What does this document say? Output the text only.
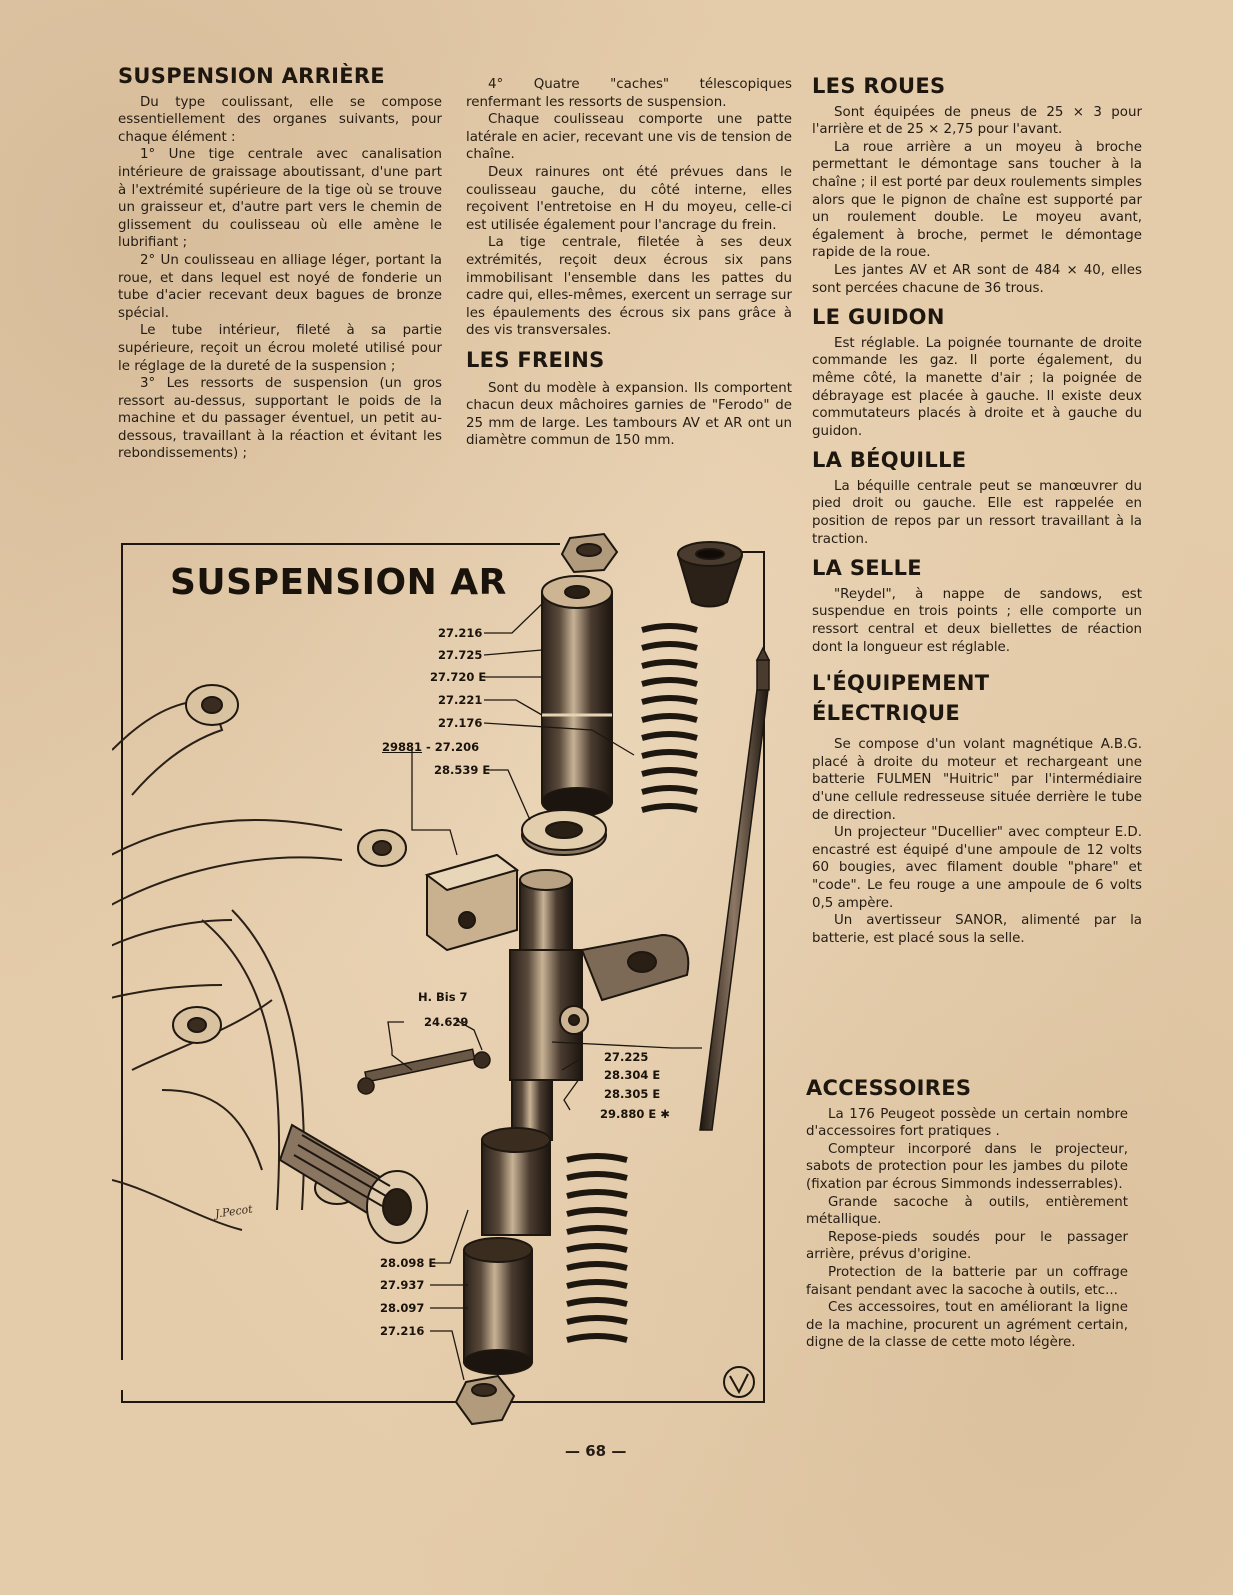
SUSPENSION ARRIÈRE

Du type coulissant, elle se compose essentiellement des organes suivants, pour chaque élément :

1° Une tige centrale avec canalisation intérieure de graissage aboutissant, d'une part à l'extrémité supérieure de la tige où se trouve un graisseur et, d'autre part vers le chemin de glissement du coulisseau où elle amène le lubrifiant ;

2° Un coulisseau en alliage léger, portant la roue, et dans lequel est noyé de fonderie un tube d'acier recevant deux bagues de bronze spécial.

Le tube intérieur, fileté à sa partie supérieure, reçoit un écrou moleté utilisé pour le réglage de la dureté de la suspension ;

3° Les ressorts de suspension (un gros ressort au-dessus, supportant le poids de la machine et du passager éventuel, un petit au-dessous, travaillant à la réaction et évitant les rebondissements) ;

4° Quatre "caches" télescopiques renfermant les ressorts de suspension.

Chaque coulisseau comporte une patte latérale en acier, recevant une vis de tension de chaîne.

Deux rainures ont été prévues dans le coulisseau gauche, du côté interne, elles reçoivent l'entretoise en H du moyeu, celle-ci est utilisée également pour l'ancrage du frein.

La tige centrale, filetée à ses deux extrémités, reçoit deux écrous six pans immobilisant l'ensemble dans les pattes du cadre qui, elles-mêmes, exercent un serrage sur les épaulements des écrous six pans grâce à des vis transversales.

LES FREINS

Sont du modèle à expansion. Ils comportent chacun deux mâchoires garnies de "Ferodo" de 25 mm de large. Les tambours AV et AR ont un diamètre commun de 150 mm.

LES ROUES

Sont équipées de pneus de 25 × 3 pour l'arrière et de 25 × 2,75 pour l'avant.

La roue arrière a un moyeu à broche permettant le démontage sans toucher à la chaîne ; il est porté par deux roulements simples alors que le pignon de chaîne est supporté par un roulement double. Le moyeu avant, également à broche, permet le démontage rapide de la roue.

Les jantes AV et AR sont de 484 × 40, elles sont percées chacune de 36 trous.

LE GUIDON

Est réglable. La poignée tournante de droite commande les gaz. Il porte également, du même côté, la manette d'air ; la poignée de débrayage est placée à gauche. Il existe deux commutateurs placés à droite et à gauche du guidon.

LA BÉQUILLE

La béquille centrale peut se manœuvrer du pied droit ou gauche. Elle est rappelée en position de repos par un ressort travaillant à la traction.

LA SELLE

"Reydel", à nappe de sandows, est suspendue en trois points ; elle comporte un ressort central et deux biellettes de réaction dont la longueur est réglable.

L'ÉQUIPEMENT
ÉLECTRIQUE

Se compose d'un volant magnétique A.B.G. placé à droite du moteur et rechargeant une batterie FULMEN "Huitric" par l'intermédiaire d'une cellule redresseuse située derrière le tube de direction.

Un projecteur "Ducellier" avec compteur E.D. encastré est équipé d'une ampoule de 12 volts 60 bougies, avec filament double "phare" et "code". Le feu rouge a une ampoule de 6 volts 0,5 ampère.

Un avertisseur SANOR, alimenté par la batterie, est placé sous la selle.

ACCESSOIRES

La 176 Peugeot possède un certain nombre d'accessoires fort pratiques .

Compteur incorporé dans le projecteur, sabots de protection pour les jambes du pilote (fixation par écrous Simmonds indesserrables).

Grande sacoche à outils, entièrement métallique.

Repose-pieds soudés pour le passager arrière, prévus d'origine.

Protection de la batterie par un coffrage faisant pendant avec la sacoche à outils, etc...

Ces accessoires, tout en améliorant la ligne de la machine, procurent un agrément certain, digne de la classe de cette moto légère.

SUSPENSION AR
27.216
27.725
27.720 E
27.221
27.176
29881 - 27.206
28.539 E
H. Bis 7
24.629
27.225
28.304 E
28.305 E
29.880 E ✱
28.098 E
27.937
28.097
27.216
J.Pecot
— 68 —
